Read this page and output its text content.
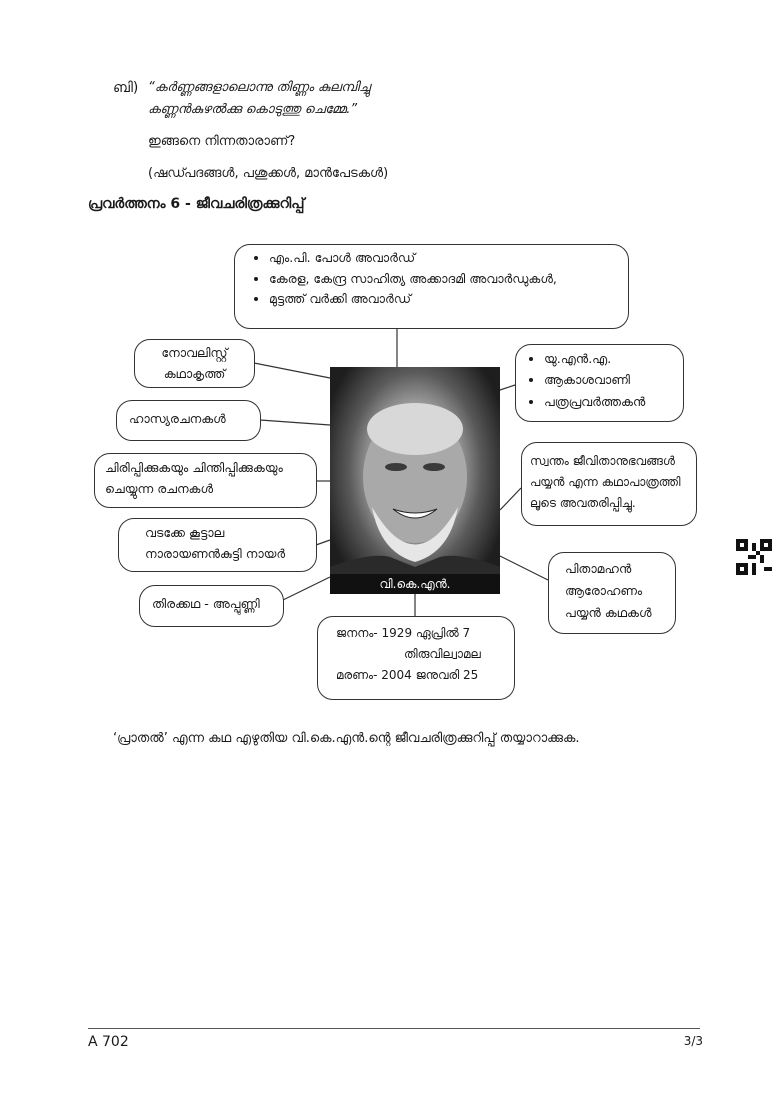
ബി) “കർണ്ണങ്ങളാലൊന്നു തിണ്ണം കുലമ്പിച്ചു
കണ്ണൻകുഴൽക്കു കൊടുത്തു ചെമ്മേ.”
ഇങ്ങനെ നിന്നതാരാണ്?
(ഷഡ്പദങ്ങൾ, പശുക്കൾ, മാൻപേടകൾ)
പ്രവർത്തനം 6 - ജീവചരിത്രക്കുറിപ്പ്
• എം.പി. പോൾ അവാർഡ്
• കേരള, കേന്ദ്ര സാഹിത്യ അക്കാദമി അവാർഡുകൾ,
• മുട്ടത്ത് വർക്കി അവാർഡ്
നോവലിസ്റ്റ്
കഥാകൃത്ത്
ഹാസ്യരചനകൾ
ചിരിപ്പിക്കുകയും ചിന്തിപ്പിക്കുകയും
ചെയ്യുന്ന രചനകൾ
വടക്കേ കൂട്ടാല
നാരായണൻകുട്ടി നായർ
തിരക്കഥ - അപ്പുണ്ണി
• യു.എൻ.എ.
• ആകാശവാണി
• പത്രപ്രവർത്തകൻ
സ്വന്തം ജീവിതാനുഭവങ്ങൾ
പയ്യൻ എന്ന കഥാപാത്രത്തി
ലൂടെ അവതരിപ്പിച്ചു.
പിതാമഹൻ
ആരോഹണം
പയ്യൻ കഥകൾ
ജനനം- 1929 ഏപ്രിൽ 7
തിരുവില്വാമല
മരണം- 2004 ജനുവരി 25
വി.കെ.എൻ.
‘പ്രാതൽ’ എന്ന കഥ എഴുതിയ വി.കെ.എൻ.ന്റെ ജീവചരിത്രക്കുറിപ്പ് തയ്യാറാക്കുക.
A 702	3/3
